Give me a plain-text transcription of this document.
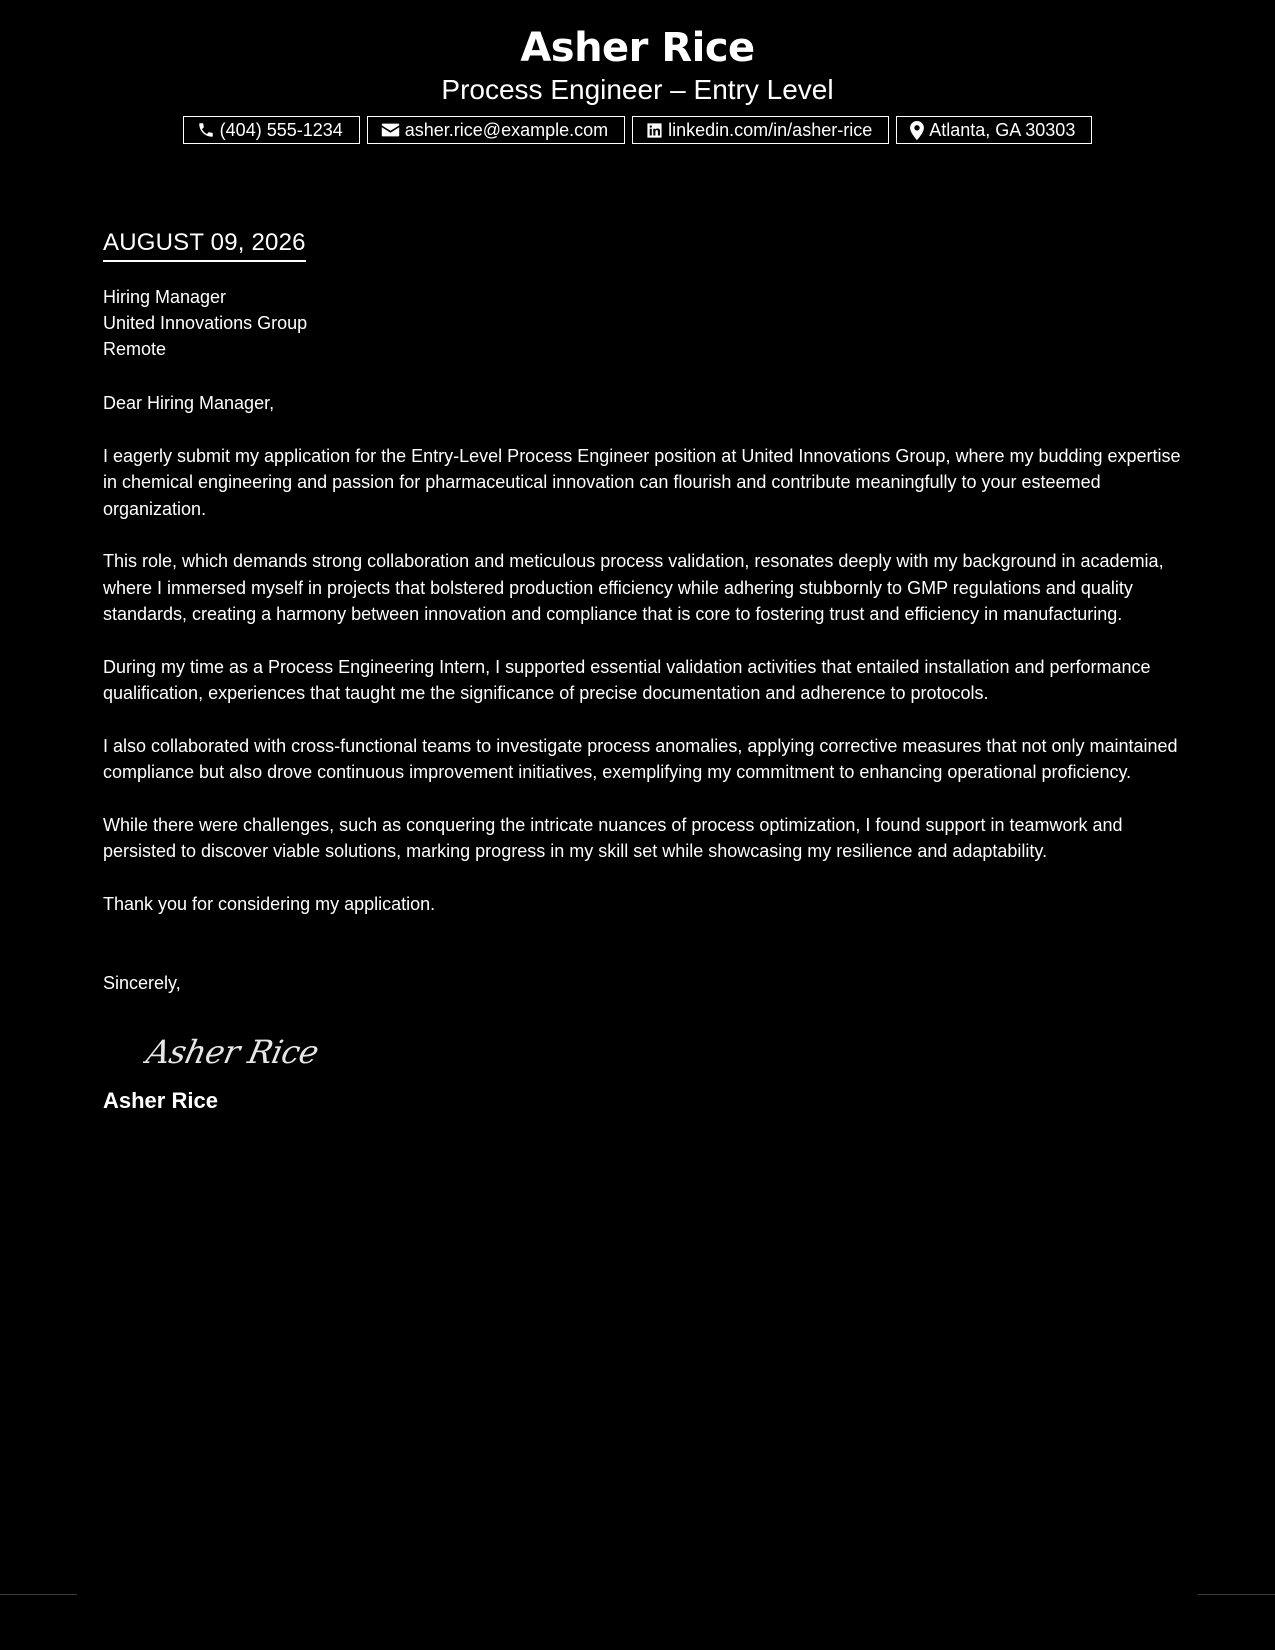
Asher Rice

Process Engineer – Entry Level

(404) 555-1234	asher.rice@example.com	linkedin.com/in/asher-rice	Atlanta, GA 30303
AUGUST 09, 2026
Hiring Manager
United Innovations Group
Remote
Dear Hiring Manager,
I eagerly submit my application for the Entry-Level Process Engineer position at United Innovations Group, where my budding expertise in chemical engineering and passion for pharmaceutical innovation can flourish and contribute meaningfully to your esteemed organization.
This role, which demands strong collaboration and meticulous process validation, resonates deeply with my background in academia, where I immersed myself in projects that bolstered production efficiency while adhering stubbornly to GMP regulations and quality standards, creating a harmony between innovation and compliance that is core to fostering trust and efficiency in manufacturing.
During my time as a Process Engineering Intern, I supported essential validation activities that entailed installation and performance qualification, experiences that taught me the significance of precise documentation and adherence to protocols.
I also collaborated with cross-functional teams to investigate process anomalies, applying corrective measures that not only maintained compliance but also drove continuous improvement initiatives, exemplifying my commitment to enhancing operational proficiency.
While there were challenges, such as conquering the intricate nuances of process optimization, I found support in teamwork and persisted to discover viable solutions, marking progress in my skill set while showcasing my resilience and adaptability.
Thank you for considering my application.
Sincerely,
Asher Rice
Asher Rice
